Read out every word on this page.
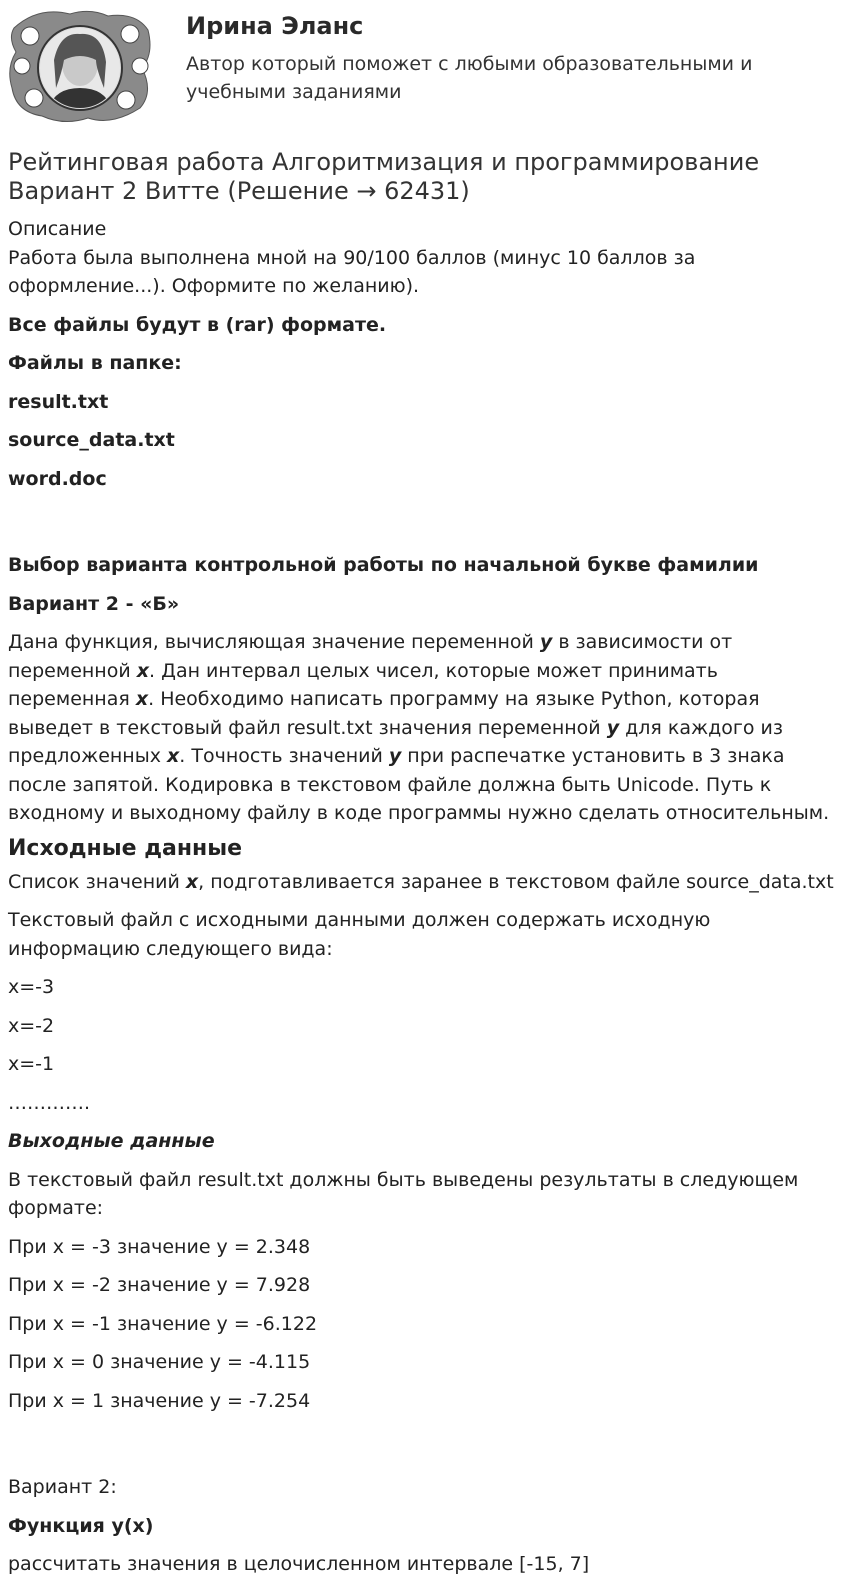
Ирина Эланс

Автор который поможет с любыми образовательными и учебными заданиями

Рейтинговая работа Алгоритмизация и программирование Вариант 2 Витте (Решение → 62431)

Описание

Работа была выполнена мной на 90/100 баллов (минус 10 баллов за оформление...). Оформите по желанию).

Все файлы будут в (rar) формате.

Файлы в папке:

result.txt

source_data.txt

word.doc

Выбор варианта контрольной работы по начальной букве фамилии

Вариант 2 - «Б»

Дана функция, вычисляющая значение переменной y в зависимости от переменной x. Дан интервал целых чисел, которые может принимать переменная x. Необходимо написать программу на языке Python, которая выведет в текстовый файл result.txt значения переменной y для каждого из предложенных x. Точность значений y при распечатке установить в 3 знака после запятой. Кодировка в текстовом файле должна быть Unicode. Путь к входному и выходному файлу в коде программы нужно сделать относительным.

Исходные данные

Список значений x, подготавливается заранее в текстовом файле source_data.txt

Текстовый файл с исходными данными должен содержать исходную информацию следующего вида:

x=-3

x=-2

x=-1

………….

Выходные данные

В текстовый файл result.txt должны быть выведены результаты в следующем формате:

При x = -3 значение y = 2.348

При x = -2 значение y = 7.928

При x = -1 значение y = -6.122

При x = 0 значение y = -4.115

При x = 1 значение y = -7.254

Вариант 2:

Функция y(x)

рассчитать значения в целочисленном интервале [-15, 7]
